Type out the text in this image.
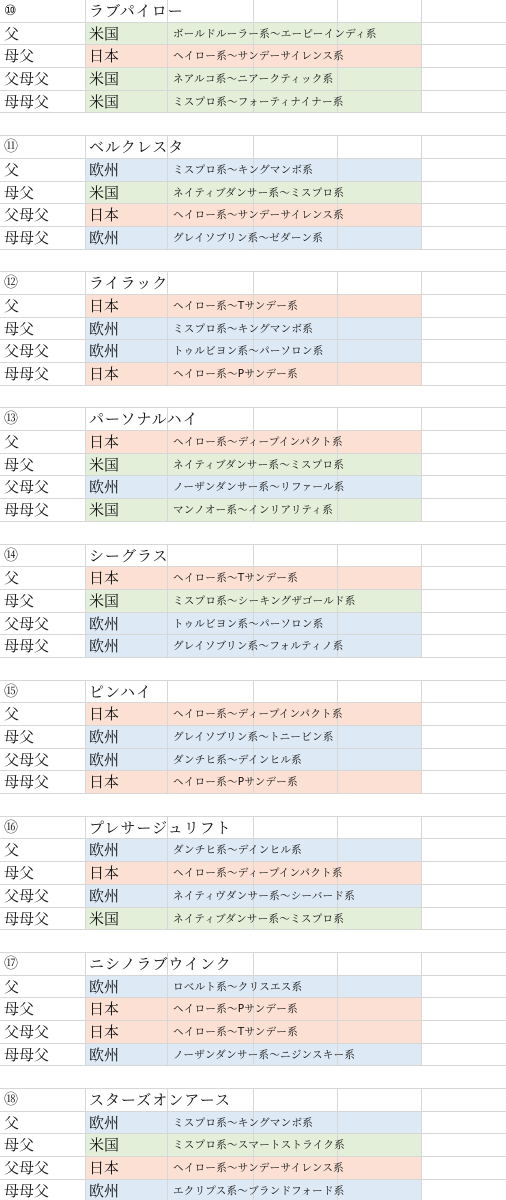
⑩	ラブパイロー
父	米国	ボールドルーラー系～エーピーインディ系
母父	日本	ヘイロー系～サンデーサイレンス系
父母父	米国	ネアルコ系～ニアークティック系
母母父	米国	ミスプロ系～フォーティナイナー系
⑪	ベルクレスタ
父	欧州	ミスプロ系～キングマンボ系
母父	米国	ネイティブダンサー系～ミスプロ系
父母父	日本	ヘイロー系～サンデーサイレンス系
母母父	欧州	グレイソブリン系～ゼダーン系
⑫	ライラック
父	日本	ヘイロー系～Tサンデー系
母父	欧州	ミスプロ系～キングマンボ系
父母父	欧州	トゥルビヨン系～パーソロン系
母母父	日本	ヘイロー系～Pサンデー系
⑬	パーソナルハイ
父	日本	ヘイロー系～ディープインパクト系
母父	米国	ネイティブダンサー系～ミスプロ系
父母父	欧州	ノーザンダンサー系～リファール系
母母父	米国	マンノオー系～インリアリティ系
⑭	シーグラス
父	日本	ヘイロー系～Tサンデー系
母父	米国	ミスプロ系～シーキングザゴールド系
父母父	欧州	トゥルビヨン系～パーソロン系
母母父	欧州	グレイソブリン系～フォルティノ系
⑮	ピンハイ
父	日本	ヘイロー系～ディープインパクト系
母父	欧州	グレイソブリン系～トニービン系
父母父	欧州	ダンチヒ系～デインヒル系
母母父	日本	ヘイロー系～Pサンデー系
⑯	プレサージュリフト
父	欧州	ダンチヒ系～デインヒル系
母父	日本	ヘイロー系～ディープインパクト系
父母父	欧州	ネイティヴダンサー系～シーバード系
母母父	米国	ネイティブダンサー系～ミスプロ系
⑰	ニシノラブウインク
父	欧州	ロベルト系～クリスエス系
母父	日本	ヘイロー系～Pサンデー系
父母父	日本	ヘイロー系～Tサンデー系
母母父	欧州	ノーザンダンサー系～ニジンスキー系
⑱	スターズオンアース
父	欧州	ミスプロ系～キングマンボ系
母父	米国	ミスプロ系～スマートストライク系
父母父	日本	ヘイロー系～サンデーサイレンス系
母母父	欧州	エクリプス系～ブランドフォード系
